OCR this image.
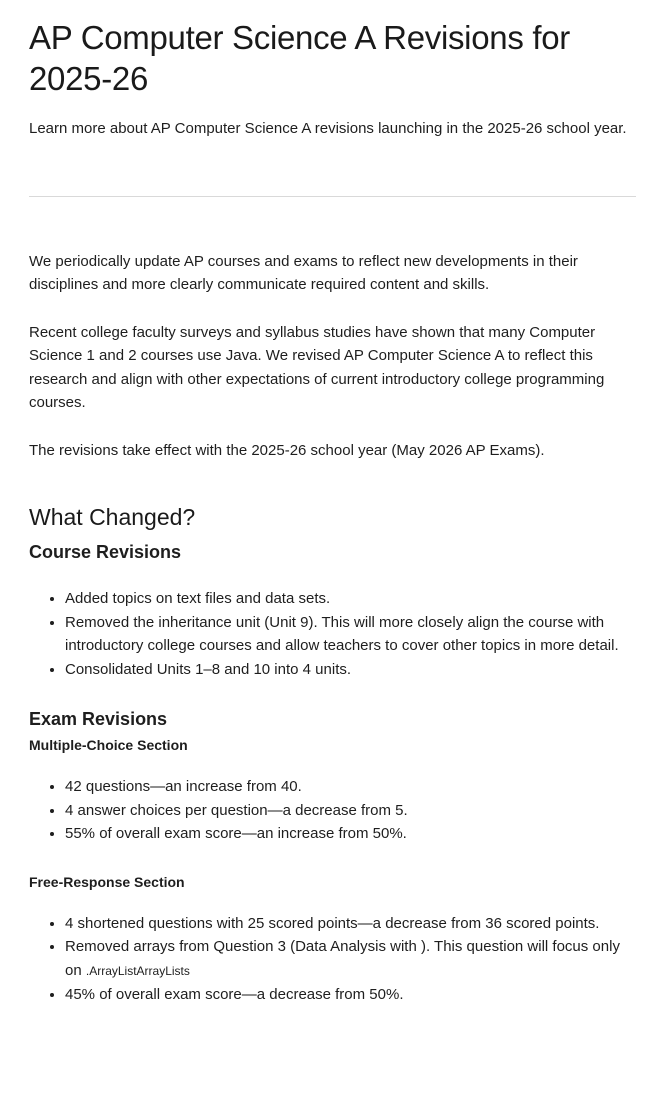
AP Computer Science A Revisions for 2025-26

Learn more about AP Computer Science A revisions launching in the 2025-26 school year.

We periodically update AP courses and exams to reflect new developments in their disciplines and more clearly communicate required content and skills.

Recent college faculty surveys and syllabus studies have shown that many Computer Science 1 and 2 courses use Java. We revised AP Computer Science A to reflect this research and align with other expectations of current introductory college programming courses.

The revisions take effect with the 2025-26 school year (May 2026 AP Exams).

What Changed?
Course Revisions
• Added topics on text files and data sets.
• Removed the inheritance unit (Unit 9). This will more closely align the course with introductory college courses and allow teachers to cover other topics in more detail.
• Consolidated Units 1–8 and 10 into 4 units.
Exam Revisions
Multiple-Choice Section
• 42 questions—an increase from 40.
• 4 answer choices per question—a decrease from 5.
• 55% of overall exam score—an increase from 50%.
Free-Response Section
• 4 shortened questions with 25 scored points—a decrease from 36 scored points.
• Removed arrays from Question 3 (Data Analysis with ). This question will focus only on .ArrayListArrayLists
• 45% of overall exam score—a decrease from 50%.
